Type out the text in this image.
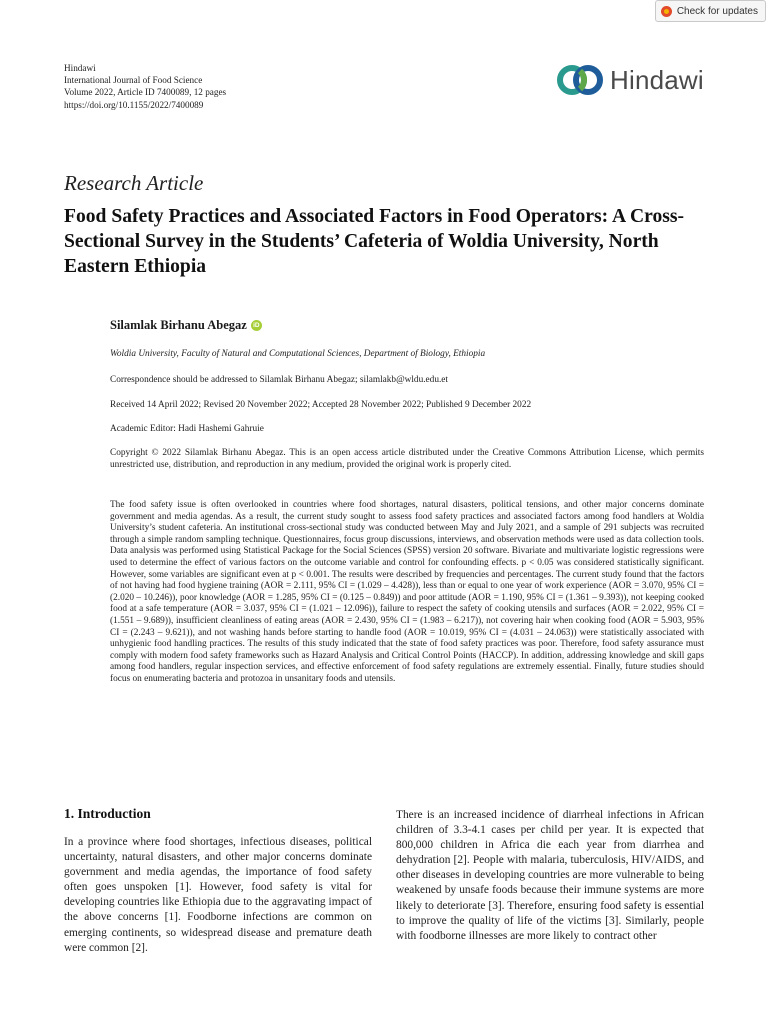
Check for updates
Hindawi
International Journal of Food Science
Volume 2022, Article ID 7400089, 12 pages
https://doi.org/10.1155/2022/7400089
Hindawi
Research Article
Food Safety Practices and Associated Factors in Food Operators: A Cross-Sectional Survey in the Students’ Cafeteria of Woldia University, North Eastern Ethiopia
Silamlak Birhanu Abegaz iD
Woldia University, Faculty of Natural and Computational Sciences, Department of Biology, Ethiopia
Correspondence should be addressed to Silamlak Birhanu Abegaz; silamlakb@wldu.edu.et
Received 14 April 2022; Revised 20 November 2022; Accepted 28 November 2022; Published 9 December 2022
Academic Editor: Hadi Hashemi Gahruie
Copyright © 2022 Silamlak Birhanu Abegaz. This is an open access article distributed under the Creative Commons Attribution License, which permits unrestricted use, distribution, and reproduction in any medium, provided the original work is properly cited.
The food safety issue is often overlooked in countries where food shortages, natural disasters, political tensions, and other major concerns dominate government and media agendas. As a result, the current study sought to assess food safety practices and associated factors among food handlers at Woldia University’s student cafeteria. An institutional cross-sectional study was conducted between May and July 2021, and a sample of 291 subjects was recruited through a simple random sampling technique. Questionnaires, focus group discussions, interviews, and observation methods were used as data collection tools. Data analysis was performed using Statistical Package for the Social Sciences (SPSS) version 20 software. Bivariate and multivariate logistic regressions were used to determine the effect of various factors on the outcome variable and control for confounding effects. p < 0.05 was considered statistically significant. However, some variables are significant even at p < 0.001. The results were described by frequencies and percentages. The current study found that the factors of not having had food hygiene training (AOR = 2.111, 95% CI = (1.029 – 4.428)), less than or equal to one year of work experience (AOR = 3.070, 95% CI = (2.020 – 10.246)), poor knowledge (AOR = 1.285, 95% CI = (0.125 – 0.849)) and poor attitude (AOR = 1.190, 95% CI = (1.361 – 9.393)), not keeping cooked food at a safe temperature (AOR = 3.037, 95% CI = (1.021 – 12.096)), failure to respect the safety of cooking utensils and surfaces (AOR = 2.022, 95% CI = (1.551 – 9.689)), insufficient cleanliness of eating areas (AOR = 2.430, 95% CI = (1.983 – 6.217)), not covering hair when cooking food (AOR = 5.903, 95% CI = (2.243 – 9.621)), and not washing hands before starting to handle food (AOR = 10.019, 95% CI = (4.031 – 24.063)) were statistically associated with unhygienic food handling practices. The results of this study indicated that the state of food safety practices was poor. Therefore, food safety assurance must comply with modern food safety frameworks such as Hazard Analysis and Critical Control Points (HACCP). In addition, addressing knowledge and skill gaps among food handlers, regular inspection services, and effective enforcement of food safety regulations are extremely essential. Finally, future studies should focus on enumerating bacteria and protozoa in unsanitary foods and utensils.
1. Introduction

In a province where food shortages, infectious diseases, political uncertainty, natural disasters, and other major concerns dominate government and media agendas, the importance of food safety often goes unspoken [1]. However, food safety is vital for developing countries like Ethiopia due to the aggravating impact of the above concerns [1]. Foodborne infections are common on emerging continents, so widespread disease and premature death were common [2].

There is an increased incidence of diarrheal infections in African children of 3.3-4.1 cases per child per year. It is expected that 800,000 children in Africa die each year from diarrhea and dehydration [2]. People with malaria, tuberculosis, HIV/AIDS, and other diseases in developing countries are more vulnerable to being weakened by unsafe foods because their immune systems are more likely to deteriorate [3]. Therefore, ensuring food safety is essential to improve the quality of life of the victims [3]. Similarly, people with foodborne illnesses are more likely to contract other
